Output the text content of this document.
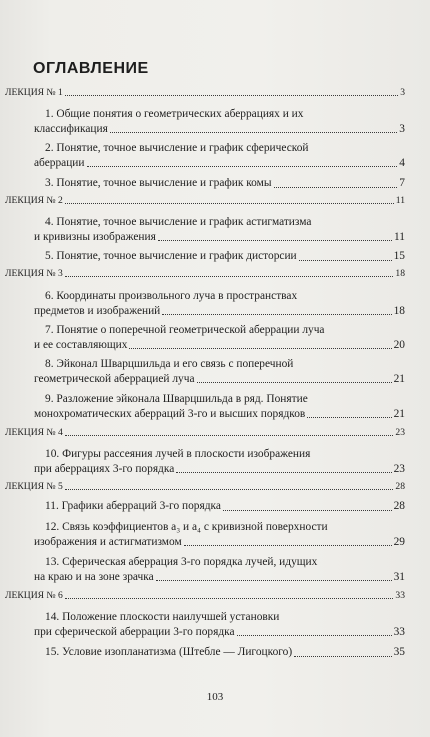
ОГЛАВЛЕНИЕ
ЛЕКЦИЯ № 1	3
1. Общие понятия о геометрических аберрациях и их
классификация	3
2. Понятие, точное вычисление и график сферической
аберрации	4
3. Понятие, точное вычисление и график комы	7
ЛЕКЦИЯ № 2	11
4. Понятие, точное вычисление и график астигматизма
и кривизны изображения	11
5. Понятие, точное вычисление и график дисторсии	15
ЛЕКЦИЯ № 3	18
6. Координаты произвольного луча в пространствах
предметов и изображений	18
7. Понятие о поперечной геометрической аберрации луча
и ее составляющих	20
8. Эйконал Шварцшильда и его связь с поперечной
геометрической аберрацией луча	21
9. Разложение эйконала Шварцшильда в ряд. Понятие
монохроматических аберраций 3-го и высших порядков	21
ЛЕКЦИЯ № 4	23
10. Фигуры рассеяния лучей в плоскости изображения
при аберрациях 3-го порядка	23
ЛЕКЦИЯ № 5	28
11. Графики аберраций 3-го порядка	28
12. Связь коэффициентов a₃ и a₄ с кривизной поверхности
изображения и астигматизмом	29
13. Сферическая аберрация 3-го порядка лучей, идущих
на краю и на зоне зрачка	31
ЛЕКЦИЯ № 6	33
14. Положение плоскости наилучшей установки
при сферической аберрации 3-го порядка	33
15. Условие изопланатизма (Штебле — Лигоцкого)	35
103
